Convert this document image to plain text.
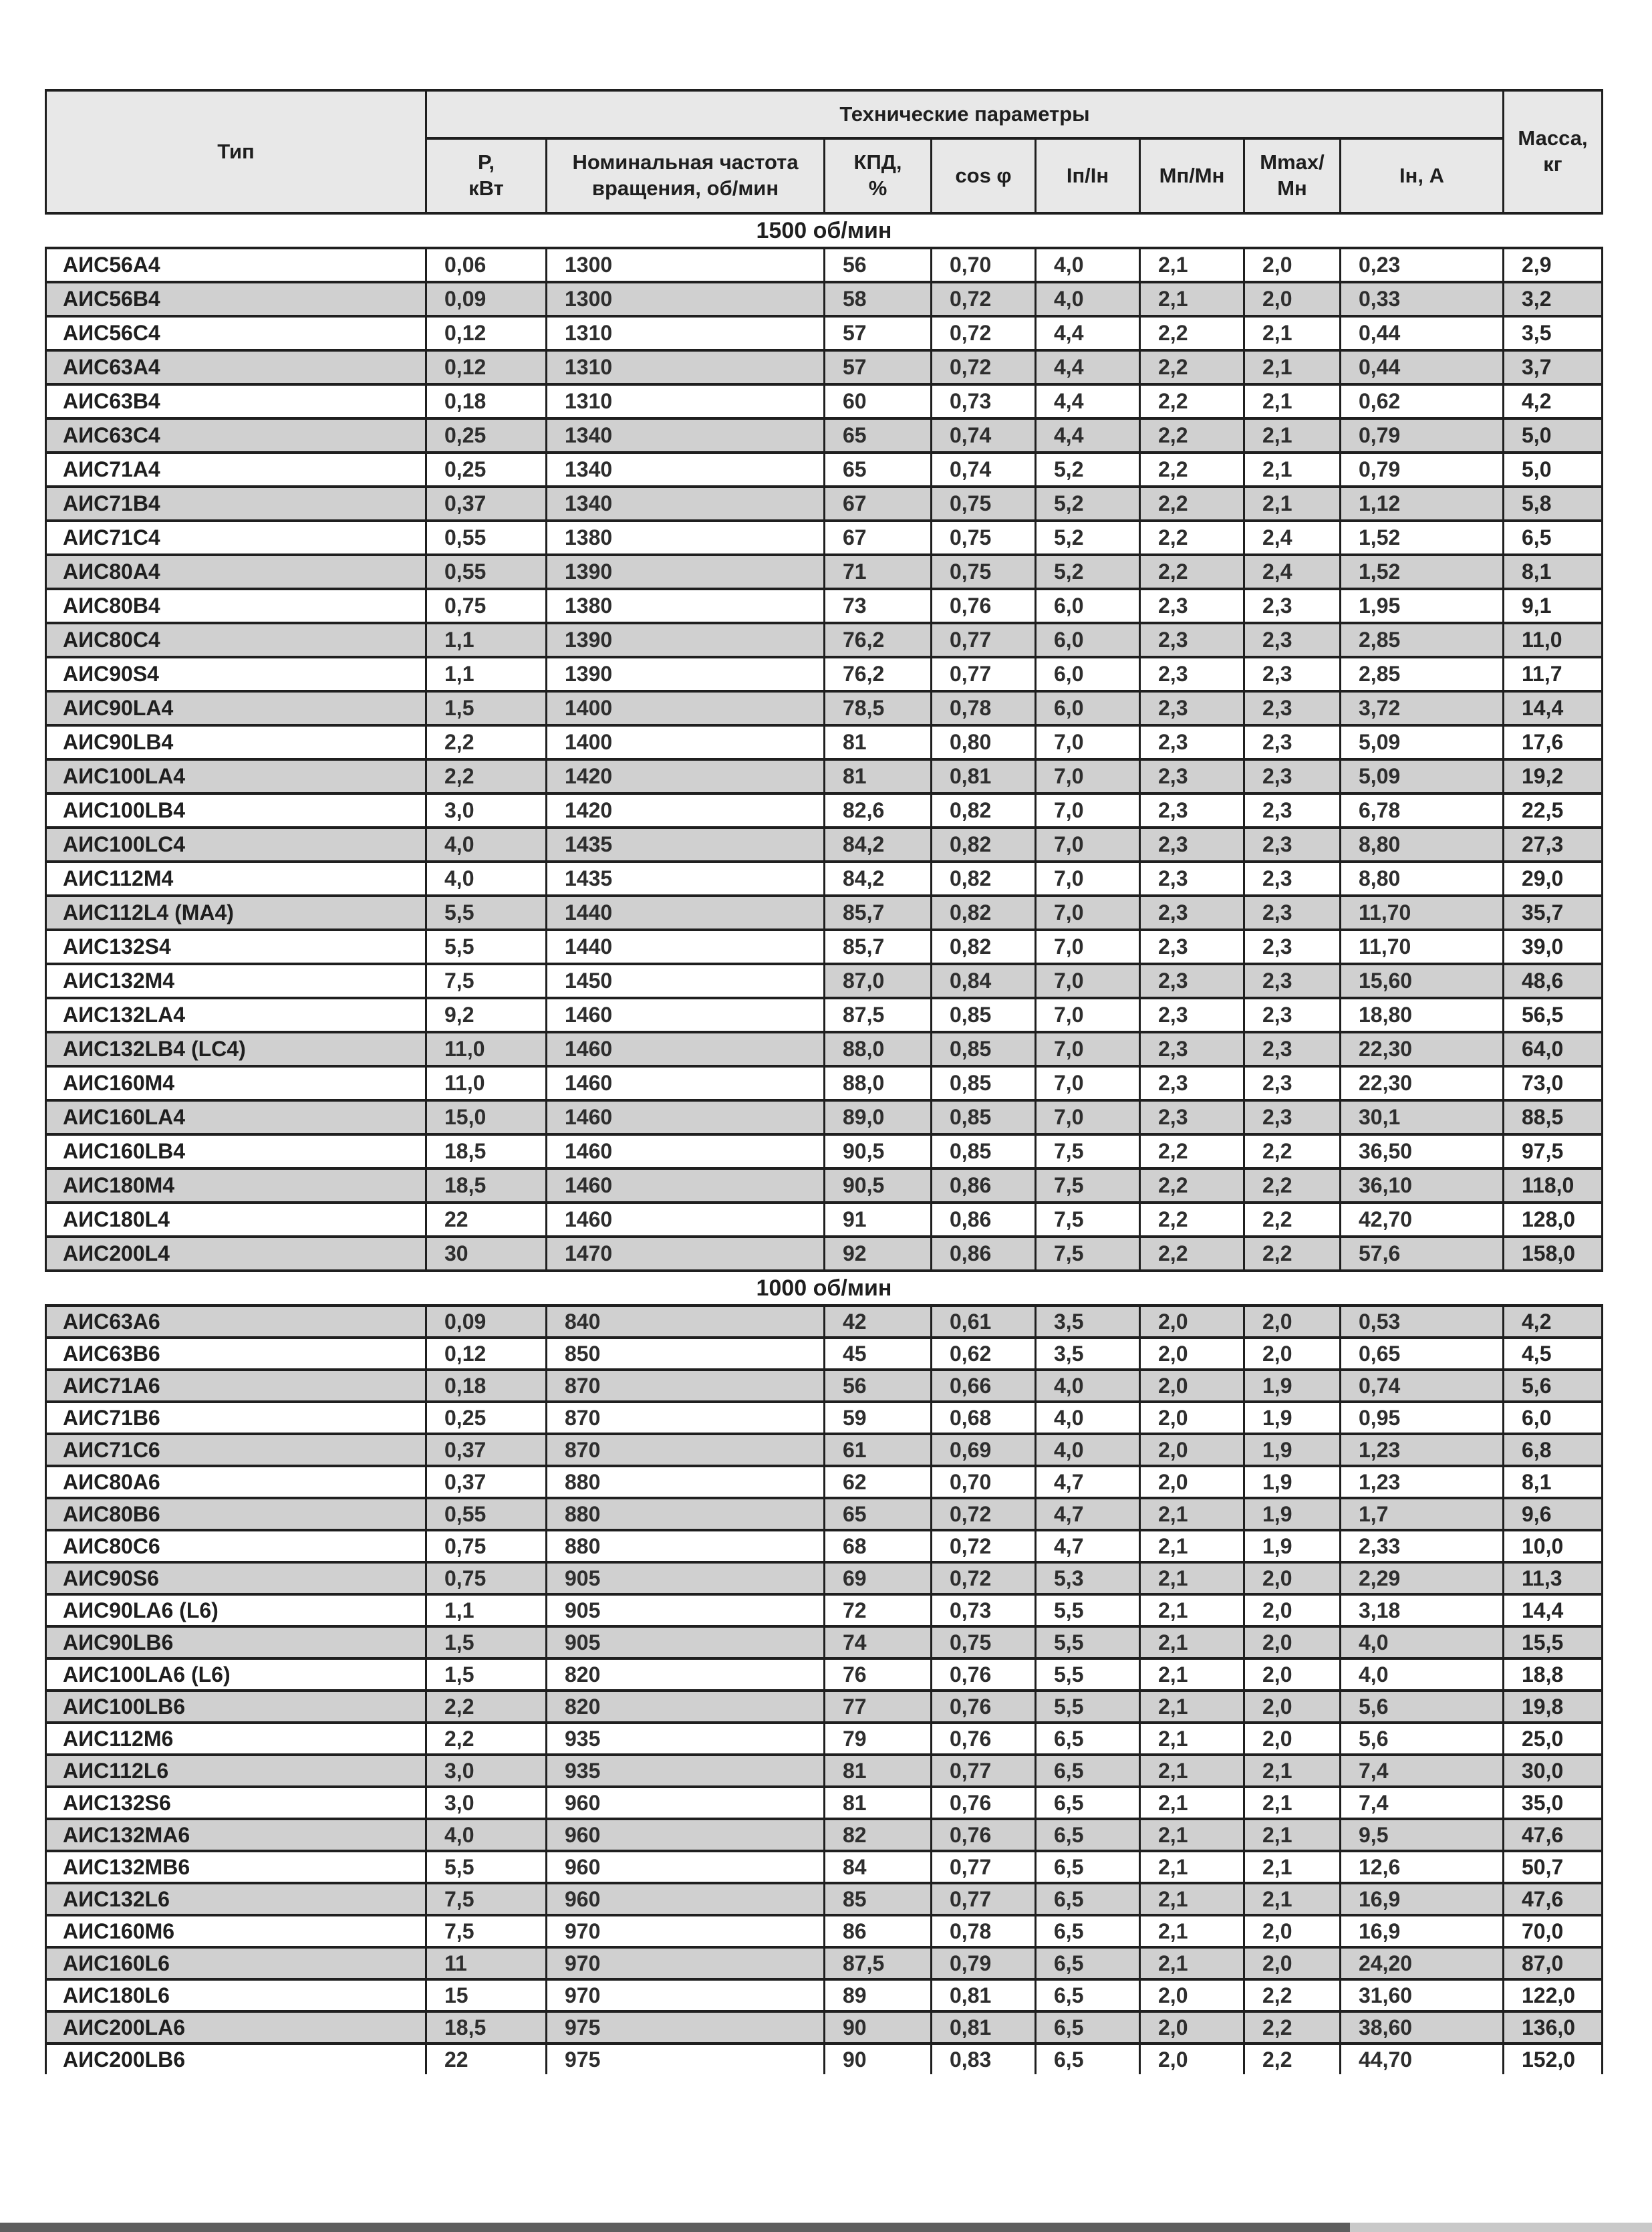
Тип	Технические параметры								Масса,
кг

	Р,
кВт	Номинальная частота
вращения, об/мин	КПД,
%	cos φ	Iп/Iн	Мп/Мн	Mmax/
Мн	Iн, А	

1500 об/мин									
АИС56A4	0,06	1300	56	0,70	4,0	2,1	2,0	0,23	2,9
АИС56B4	0,09	1300	58	0,72	4,0	2,1	2,0	0,33	3,2
АИС56C4	0,12	1310	57	0,72	4,4	2,2	2,1	0,44	3,5
АИС63A4	0,12	1310	57	0,72	4,4	2,2	2,1	0,44	3,7
АИС63B4	0,18	1310	60	0,73	4,4	2,2	2,1	0,62	4,2
АИС63C4	0,25	1340	65	0,74	4,4	2,2	2,1	0,79	5,0
АИС71A4	0,25	1340	65	0,74	5,2	2,2	2,1	0,79	5,0
АИС71B4	0,37	1340	67	0,75	5,2	2,2	2,1	1,12	5,8
АИС71C4	0,55	1380	67	0,75	5,2	2,2	2,4	1,52	6,5
АИС80A4	0,55	1390	71	0,75	5,2	2,2	2,4	1,52	8,1
АИС80B4	0,75	1380	73	0,76	6,0	2,3	2,3	1,95	9,1
АИС80C4	1,1	1390	76,2	0,77	6,0	2,3	2,3	2,85	11,0
АИС90S4	1,1	1390	76,2	0,77	6,0	2,3	2,3	2,85	11,7
АИС90LA4	1,5	1400	78,5	0,78	6,0	2,3	2,3	3,72	14,4
АИС90LB4	2,2	1400	81	0,80	7,0	2,3	2,3	5,09	17,6
АИС100LA4	2,2	1420	81	0,81	7,0	2,3	2,3	5,09	19,2
АИС100LB4	3,0	1420	82,6	0,82	7,0	2,3	2,3	6,78	22,5
АИС100LC4	4,0	1435	84,2	0,82	7,0	2,3	2,3	8,80	27,3
АИС112M4	4,0	1435	84,2	0,82	7,0	2,3	2,3	8,80	29,0
АИС112L4 (MA4)	5,5	1440	85,7	0,82	7,0	2,3	2,3	11,70	35,7
АИС132S4	5,5	1440	85,7	0,82	7,0	2,3	2,3	11,70	39,0
АИС132M4	7,5	1450	87,0	0,84	7,0	2,3	2,3	15,60	48,6
АИС132LA4	9,2	1460	87,5	0,85	7,0	2,3	2,3	18,80	56,5
АИС132LB4 (LC4)	11,0	1460	88,0	0,85	7,0	2,3	2,3	22,30	64,0
АИС160M4	11,0	1460	88,0	0,85	7,0	2,3	2,3	22,30	73,0
АИС160LA4	15,0	1460	89,0	0,85	7,0	2,3	2,3	30,1	88,5
АИС160LB4	18,5	1460	90,5	0,85	7,5	2,2	2,2	36,50	97,5
АИС180M4	18,5	1460	90,5	0,86	7,5	2,2	2,2	36,10	118,0
АИС180L4	22	1460	91	0,86	7,5	2,2	2,2	42,70	128,0
АИС200L4	30	1470	92	0,86	7,5	2,2	2,2	57,6	158,0
1000 об/мин									
АИС63A6	0,09	840	42	0,61	3,5	2,0	2,0	0,53	4,2
АИС63B6	0,12	850	45	0,62	3,5	2,0	2,0	0,65	4,5
АИС71A6	0,18	870	56	0,66	4,0	2,0	1,9	0,74	5,6
АИС71B6	0,25	870	59	0,68	4,0	2,0	1,9	0,95	6,0
АИС71C6	0,37	870	61	0,69	4,0	2,0	1,9	1,23	6,8
АИС80A6	0,37	880	62	0,70	4,7	2,0	1,9	1,23	8,1
АИС80B6	0,55	880	65	0,72	4,7	2,1	1,9	1,7	9,6
АИС80C6	0,75	880	68	0,72	4,7	2,1	1,9	2,33	10,0
АИС90S6	0,75	905	69	0,72	5,3	2,1	2,0	2,29	11,3
АИС90LA6 (L6)	1,1	905	72	0,73	5,5	2,1	2,0	3,18	14,4
АИС90LB6	1,5	905	74	0,75	5,5	2,1	2,0	4,0	15,5
АИС100LA6 (L6)	1,5	820	76	0,76	5,5	2,1	2,0	4,0	18,8
АИС100LB6	2,2	820	77	0,76	5,5	2,1	2,0	5,6	19,8
АИС112M6	2,2	935	79	0,76	6,5	2,1	2,0	5,6	25,0
АИС112L6	3,0	935	81	0,77	6,5	2,1	2,1	7,4	30,0
АИС132S6	3,0	960	81	0,76	6,5	2,1	2,1	7,4	35,0
АИС132MA6	4,0	960	82	0,76	6,5	2,1	2,1	9,5	47,6
АИС132MB6	5,5	960	84	0,77	6,5	2,1	2,1	12,6	50,7
АИС132L6	7,5	960	85	0,77	6,5	2,1	2,1	16,9	47,6
АИС160M6	7,5	970	86	0,78	6,5	2,1	2,0	16,9	70,0
АИС160L6	11	970	87,5	0,79	6,5	2,1	2,0	24,20	87,0
АИС180L6	15	970	89	0,81	6,5	2,0	2,2	31,60	122,0
АИС200LA6	18,5	975	90	0,81	6,5	2,0	2,2	38,60	136,0
АИС200LB6	22	975	90	0,83	6,5	2,0	2,2	44,70	152,0
